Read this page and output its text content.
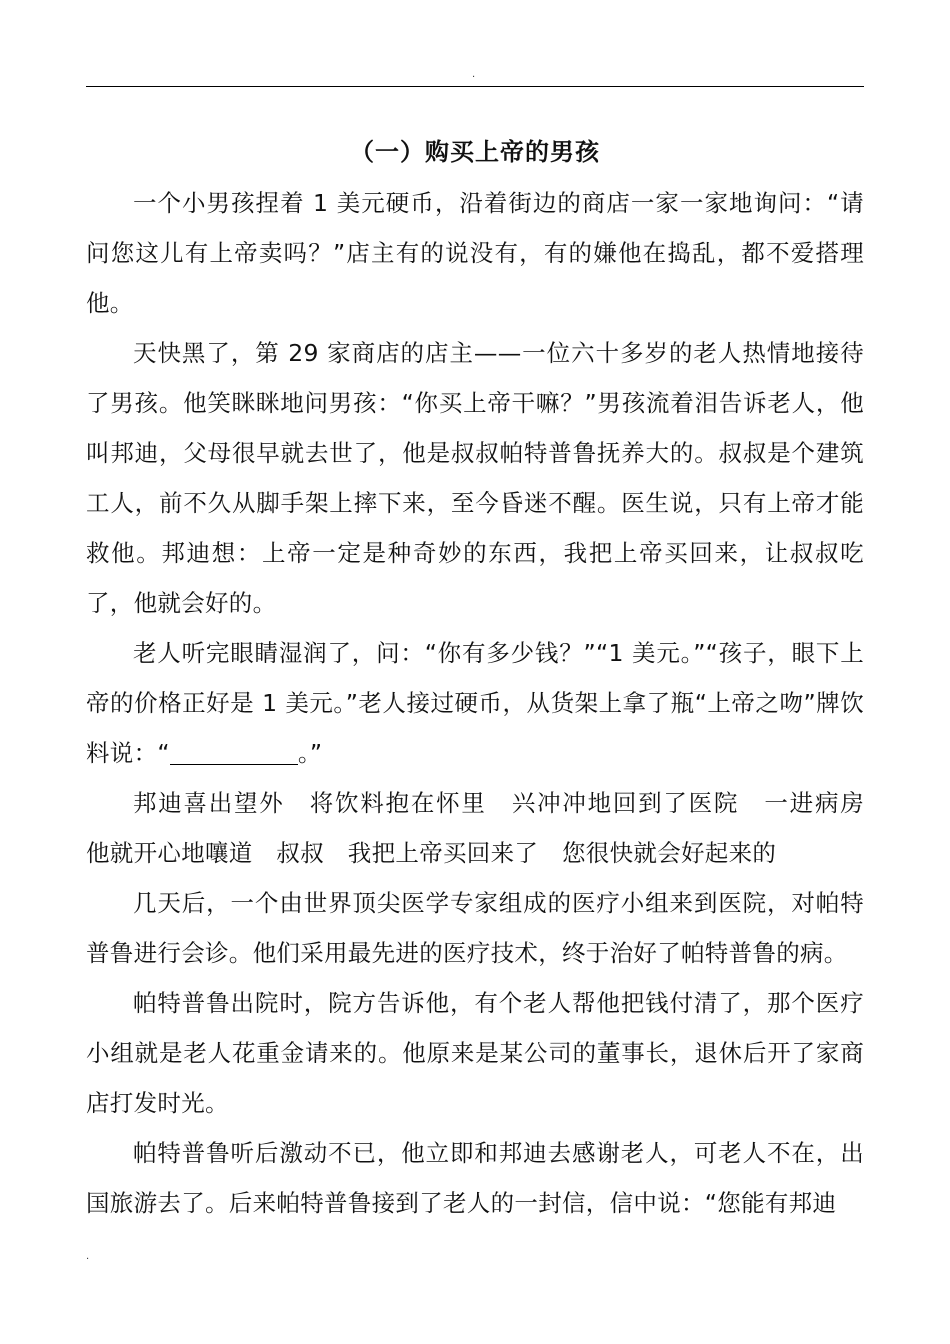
.
（一）购买上帝的男孩

一个小男孩捏着 1 美元硬币，沿着街边的商店一家一家地询问：“请问您这儿有上帝卖吗？”店主有的说没有，有的嫌他在捣乱，都不爱搭理他。

天快黑了，第 29 家商店的店主——一位六十多岁的老人热情地接待了男孩。他笑眯眯地问男孩：“你买上帝干嘛？”男孩流着泪告诉老人，他叫邦迪，父母很早就去世了，他是叔叔帕特普鲁抚养大的。叔叔是个建筑工人，前不久从脚手架上摔下来，至今昏迷不醒。医生说，只有上帝才能救他。邦迪想：上帝一定是种奇妙的东西，我把上帝买回来，让叔叔吃了，他就会好的。

老人听完眼睛湿润了，问：“你有多少钱？”“1 美元。”“孩子，眼下上帝的价格正好是 1 美元。”老人接过硬币，从货架上拿了瓶“上帝之吻”牌饮料说：“	。”

邦迪喜出望外　将饮料抱在怀里　兴冲冲地回到了医院　一进病房　他就开心地嚷道　叔叔　我把上帝买回来了　您很快就会好起来的

几天后，一个由世界顶尖医学专家组成的医疗小组来到医院，对帕特普鲁进行会诊。他们采用最先进的医疗技术，终于治好了帕特普鲁的病。

帕特普鲁出院时，院方告诉他，有个老人帮他把钱付清了，那个医疗小组就是老人花重金请来的。他原来是某公司的董事长，退休后开了家商店打发时光。

帕特普鲁听后激动不已，他立即和邦迪去感谢老人，可老人不在，出国旅游去了。后来帕特普鲁接到了老人的一封信，信中说：“您能有邦迪

.
